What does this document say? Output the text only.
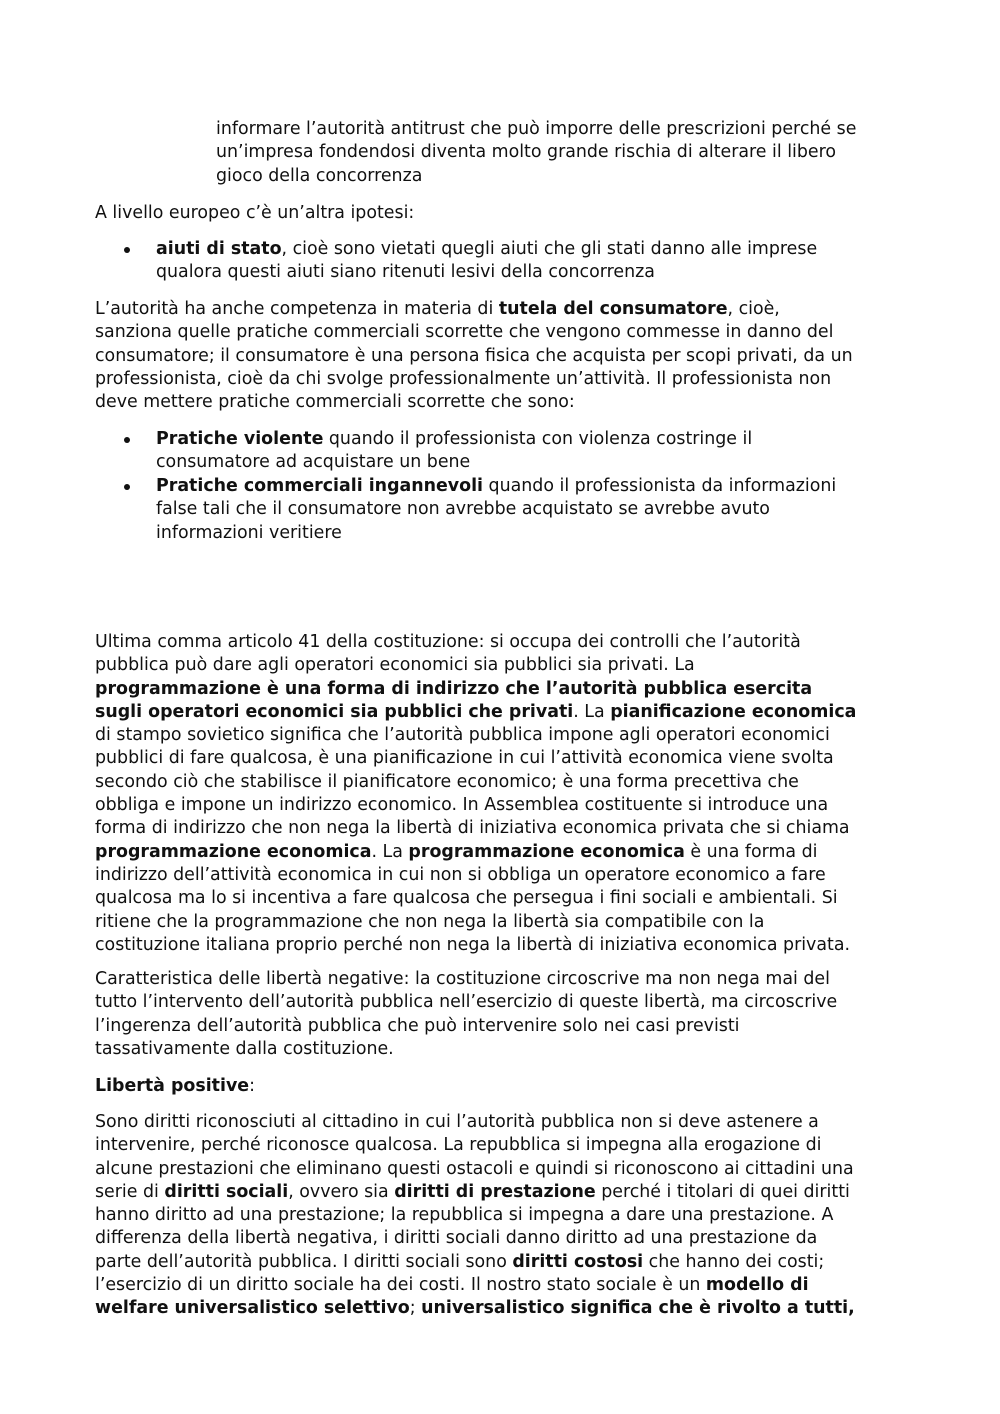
informare l’autorità antitrust che può imporre delle prescrizioni perché se
un’impresa fondendosi diventa molto grande rischia di alterare il libero
gioco della concorrenza
A livello europeo c’è un’altra ipotesi:
aiuti di stato, cioè sono vietati quegli aiuti che gli stati danno alle imprese
qualora questi aiuti siano ritenuti lesivi della concorrenza
L’autorità ha anche competenza in materia di tutela del consumatore, cioè,
sanziona quelle pratiche commerciali scorrette che vengono commesse in danno del
consumatore; il consumatore è una persona fisica che acquista per scopi privati, da un
professionista, cioè da chi svolge professionalmente un’attività. Il professionista non
deve mettere pratiche commerciali scorrette che sono:
Pratiche violente quando il professionista con violenza costringe il
consumatore ad acquistare un bene
Pratiche commerciali ingannevoli quando il professionista da informazioni
false tali che il consumatore non avrebbe acquistato se avrebbe avuto
informazioni veritiere
Ultima comma articolo 41 della costituzione: si occupa dei controlli che l’autorità
pubblica può dare agli operatori economici sia pubblici sia privati. La
programmazione è una forma di indirizzo che l’autorità pubblica esercita
sugli operatori economici sia pubblici che privati. La pianificazione economica
di stampo sovietico significa che l’autorità pubblica impone agli operatori economici
pubblici di fare qualcosa, è una pianificazione in cui l’attività economica viene svolta
secondo ciò che stabilisce il pianificatore economico; è una forma precettiva che
obbliga e impone un indirizzo economico. In Assemblea costituente si introduce una
forma di indirizzo che non nega la libertà di iniziativa economica privata che si chiama
programmazione economica. La programmazione economica è una forma di
indirizzo dell’attività economica in cui non si obbliga un operatore economico a fare
qualcosa ma lo si incentiva a fare qualcosa che persegua i fini sociali e ambientali. Si
ritiene che la programmazione che non nega la libertà sia compatibile con la
costituzione italiana proprio perché non nega la libertà di iniziativa economica privata.
Caratteristica delle libertà negative: la costituzione circoscrive ma non nega mai del
tutto l’intervento dell’autorità pubblica nell’esercizio di queste libertà, ma circoscrive
l’ingerenza dell’autorità pubblica che può intervenire solo nei casi previsti
tassativamente dalla costituzione.
Libertà positive:
Sono diritti riconosciuti al cittadino in cui l’autorità pubblica non si deve astenere a
intervenire, perché riconosce qualcosa. La repubblica si impegna alla erogazione di
alcune prestazioni che eliminano questi ostacoli e quindi si riconoscono ai cittadini una
serie di diritti sociali, ovvero sia diritti di prestazione perché i titolari di quei diritti
hanno diritto ad una prestazione; la repubblica si impegna a dare una prestazione. A
differenza della libertà negativa, i diritti sociali danno diritto ad una prestazione da
parte dell’autorità pubblica. I diritti sociali sono diritti costosi che hanno dei costi;
l’esercizio di un diritto sociale ha dei costi. Il nostro stato sociale è un modello di
welfare universalistico selettivo; universalistico significa che è rivolto a tutti,
